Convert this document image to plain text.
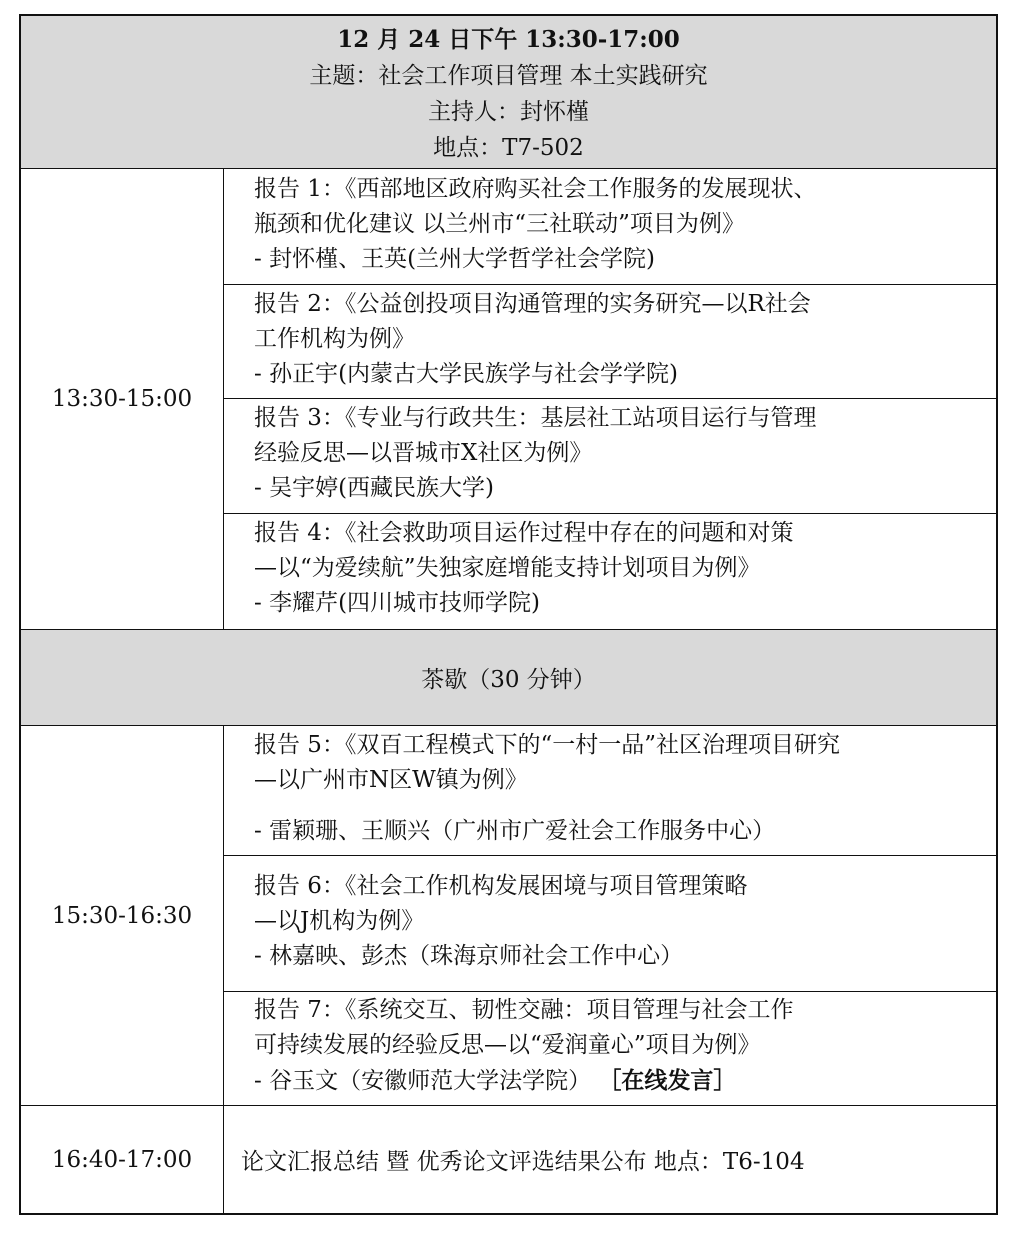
12 月 24 日下午 13:30-17:00
主题：社会工作项目管理 本土实践研究
主持人：封怀槿
地点：T7-502
13:30-15:00
报告 1：《西部地区政府购买社会工作服务的发展现状、
瓶颈和优化建议 以兰州市“三社联动”项目为例》
- 封怀槿、王英(兰州大学哲学社会学院)
报告 2：《公益创投项目沟通管理的实务研究—以R社会
工作机构为例》
- 孙正宇(内蒙古大学民族学与社会学学院)
报告 3：《专业与行政共生：基层社工站项目运行与管理
经验反思—以晋城市X社区为例》
- 吴宇婷(西藏民族大学)
报告 4：《社会救助项目运作过程中存在的问题和对策
—以“为爱续航”失独家庭增能支持计划项目为例》
- 李耀芹(四川城市技师学院)
茶歇（30 分钟）
15:30-16:30
报告 5：《双百工程模式下的“一村一品”社区治理项目研究
—以广州市N区W镇为例》
- 雷颖珊、王顺兴（广州市广爱社会工作服务中心）
报告 6：《社会工作机构发展困境与项目管理策略
—以J机构为例》
- 林嘉映、彭杰（珠海京师社会工作中心）
报告 7：《系统交互、韧性交融：项目管理与社会工作
可持续发展的经验反思—以“爱润童心”项目为例》
- 谷玉文（安徽师范大学法学院） ［在线发言］
16:40-17:00	论文汇报总结 暨 优秀论文评选结果公布 地点：T6-104
